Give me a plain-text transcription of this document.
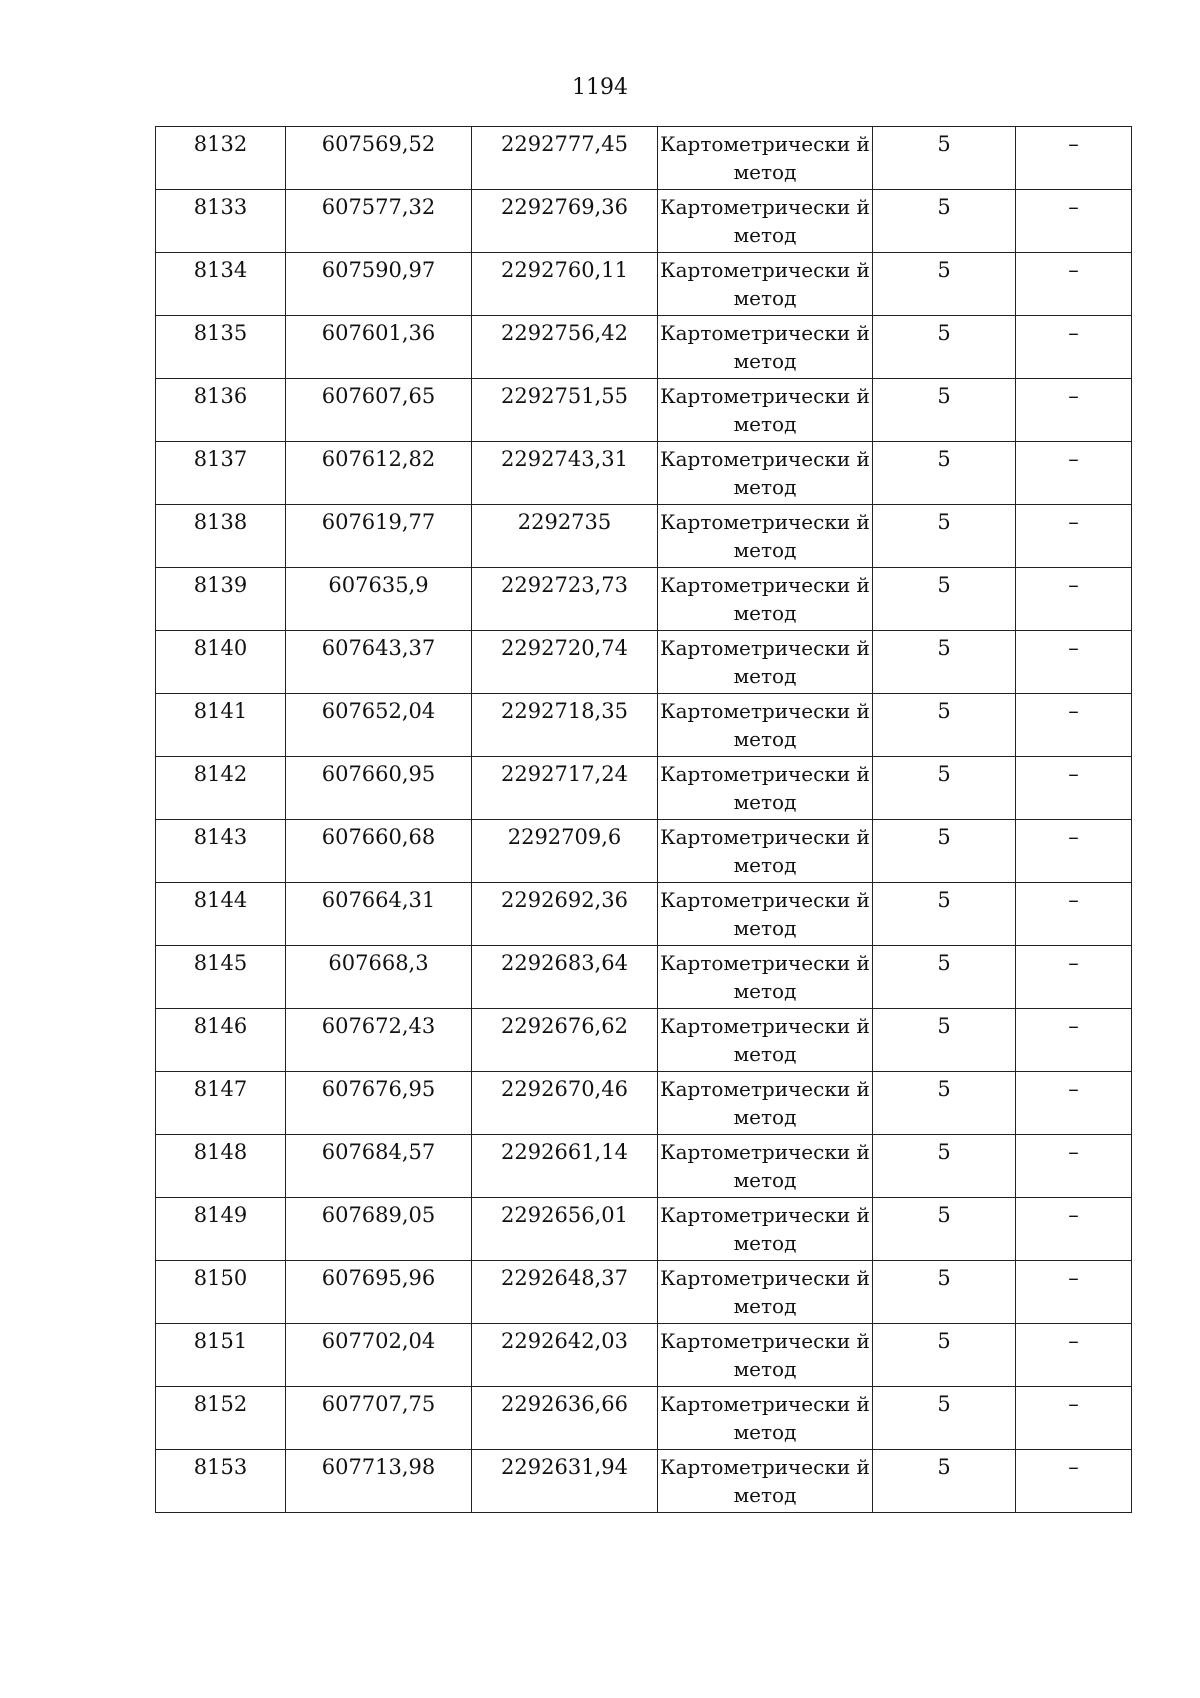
1194
8132	607569,52	2292777,45	Картометрически й метод	5	–
8133	607577,32	2292769,36	Картометрически й метод	5	–
8134	607590,97	2292760,11	Картометрически й метод	5	–
8135	607601,36	2292756,42	Картометрически й метод	5	–
8136	607607,65	2292751,55	Картометрически й метод	5	–
8137	607612,82	2292743,31	Картометрически й метод	5	–
8138	607619,77	2292735	Картометрически й метод	5	–
8139	607635,9	2292723,73	Картометрически й метод	5	–
8140	607643,37	2292720,74	Картометрически й метод	5	–
8141	607652,04	2292718,35	Картометрически й метод	5	–
8142	607660,95	2292717,24	Картометрически й метод	5	–
8143	607660,68	2292709,6	Картометрически й метод	5	–
8144	607664,31	2292692,36	Картометрически й метод	5	–
8145	607668,3	2292683,64	Картометрически й метод	5	–
8146	607672,43	2292676,62	Картометрически й метод	5	–
8147	607676,95	2292670,46	Картометрически й метод	5	–
8148	607684,57	2292661,14	Картометрически й метод	5	–
8149	607689,05	2292656,01	Картометрически й метод	5	–
8150	607695,96	2292648,37	Картометрически й метод	5	–
8151	607702,04	2292642,03	Картометрически й метод	5	–
8152	607707,75	2292636,66	Картометрически й метод	5	–
8153	607713,98	2292631,94	Картометрически й метод	5	–
